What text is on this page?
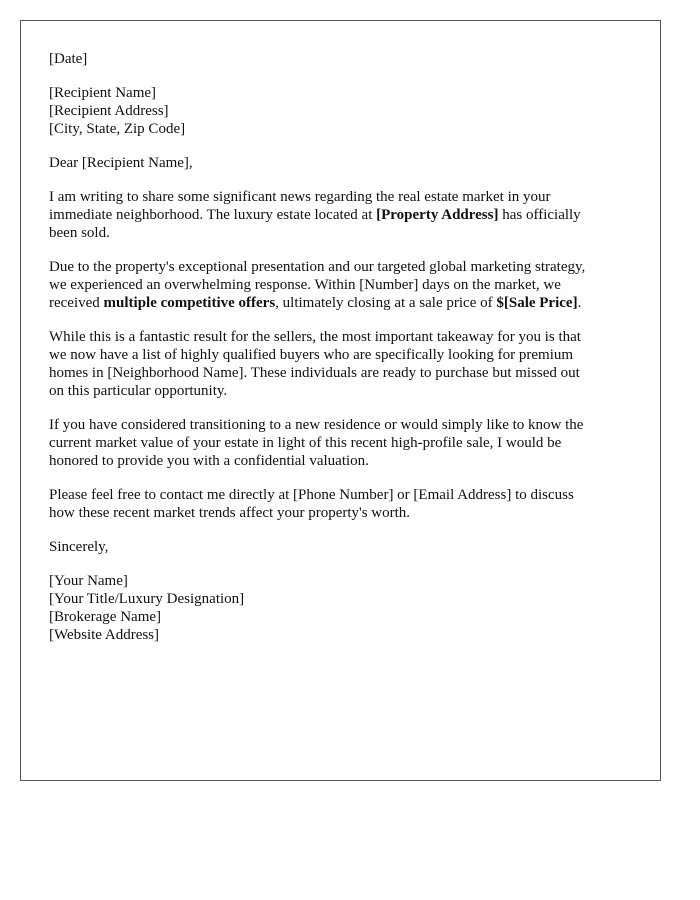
[Date]
[Recipient Name]
[Recipient Address]
[City, State, Zip Code]

Dear [Recipient Name],

I am writing to share some significant news regarding the real estate market in your
immediate neighborhood. The luxury estate located at [Property Address] has officially
been sold.

Due to the property's exceptional presentation and our targeted global marketing strategy,
we experienced an overwhelming response. Within [Number] days on the market, we
received multiple competitive offers, ultimately closing at a sale price of $[Sale Price].

While this is a fantastic result for the sellers, the most important takeaway for you is that
we now have a list of highly qualified buyers who are specifically looking for premium
homes in [Neighborhood Name]. These individuals are ready to purchase but missed out
on this particular opportunity.

If you have considered transitioning to a new residence or would simply like to know the
current market value of your estate in light of this recent high-profile sale, I would be
honored to provide you with a confidential valuation.

Please feel free to contact me directly at [Phone Number] or [Email Address] to discuss
how these recent market trends affect your property's worth.

Sincerely,

[Your Name]
[Your Title/Luxury Designation]
[Brokerage Name]
[Website Address]
